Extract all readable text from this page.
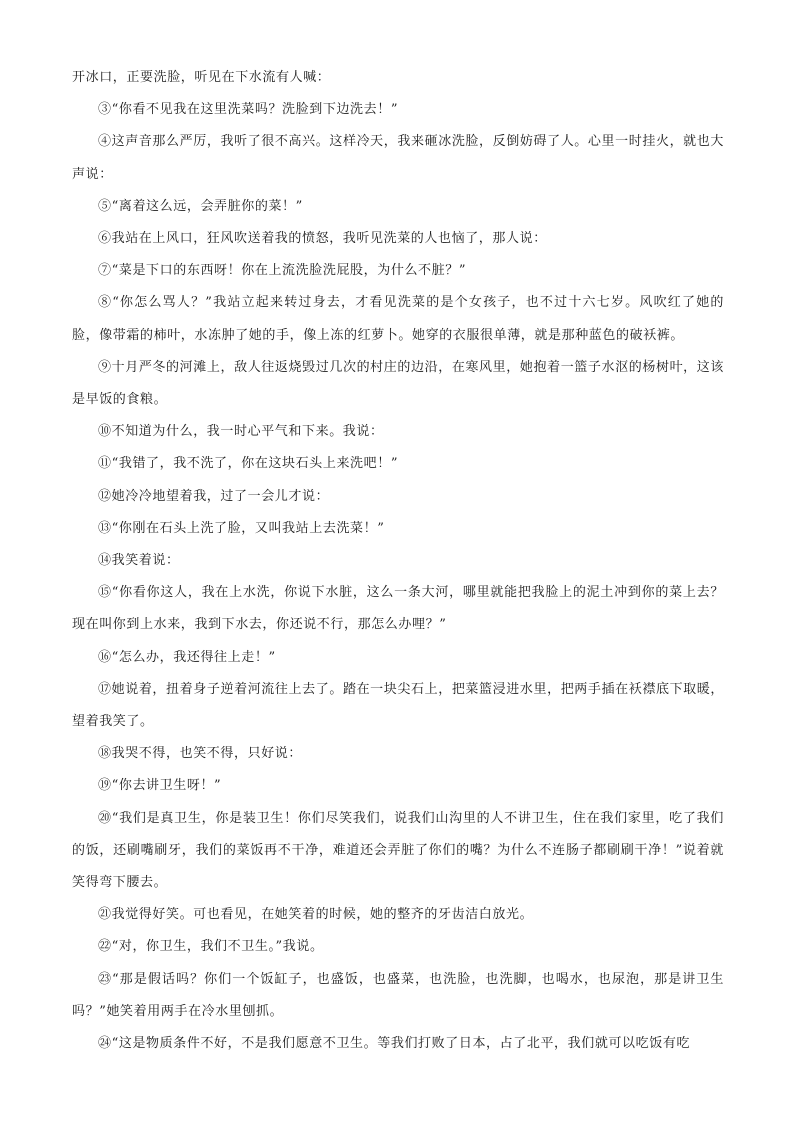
开冰口，正要洗脸，听见在下水流有人喊：

③“你看不见我在这里洗菜吗？洗脸到下边洗去！”

④这声音那么严厉，我听了很不高兴。这样冷天，我来砸冰洗脸，反倒妨碍了人。心里一时挂火，就也大声说：

⑤“离着这么远，会弄脏你的菜！”

⑥我站在上风口，狂风吹送着我的愤怒，我听见洗菜的人也恼了，那人说：

⑦“菜是下口的东西呀！你在上流洗脸洗屁股，为什么不脏？”

⑧“你怎么骂人？”我站立起来转过身去，才看见洗菜的是个女孩子，也不过十六七岁。风吹红了她的脸，像带霜的柿叶，水冻肿了她的手，像上冻的红萝卜。她穿的衣服很单薄，就是那种蓝色的破袄裤。

⑨十月严冬的河滩上，敌人往返烧毁过几次的村庄的边沿，在寒风里，她抱着一篮子水沤的杨树叶，这该是早饭的食粮。

⑩不知道为什么，我一时心平气和下来。我说：

⑪“我错了，我不洗了，你在这块石头上来洗吧！”

⑫她冷冷地望着我，过了一会儿才说：

⑬“你刚在石头上洗了脸，又叫我站上去洗菜！”

⑭我笑着说：

⑮“你看你这人，我在上水洗，你说下水脏，这么一条大河，哪里就能把我脸上的泥土冲到你的菜上去？现在叫你到上水来，我到下水去，你还说不行，那怎么办哩？”

⑯“怎么办，我还得往上走！”

⑰她说着，扭着身子逆着河流往上去了。踏在一块尖石上，把菜篮浸进水里，把两手插在袄襟底下取暖，望着我笑了。

⑱我哭不得，也笑不得，只好说：

⑲“你去讲卫生呀！”

⑳“我们是真卫生，你是装卫生！你们尽笑我们，说我们山沟里的人不讲卫生，住在我们家里，吃了我们的饭，还刷嘴刷牙，我们的菜饭再不干净，难道还会弄脏了你们的嘴？为什么不连肠子都刷刷干净！”说着就笑得弯下腰去。

㉑我觉得好笑。可也看见，在她笑着的时候，她的整齐的牙齿洁白放光。

㉒“对，你卫生，我们不卫生。”我说。

㉓“那是假话吗？你们一个饭缸子，也盛饭，也盛菜，也洗脸，也洗脚，也喝水，也尿泡，那是讲卫生吗？”她笑着用两手在冷水里刨抓。

㉔“这是物质条件不好，不是我们愿意不卫生。等我们打败了日本，占了北平，我们就可以吃饭有吃
